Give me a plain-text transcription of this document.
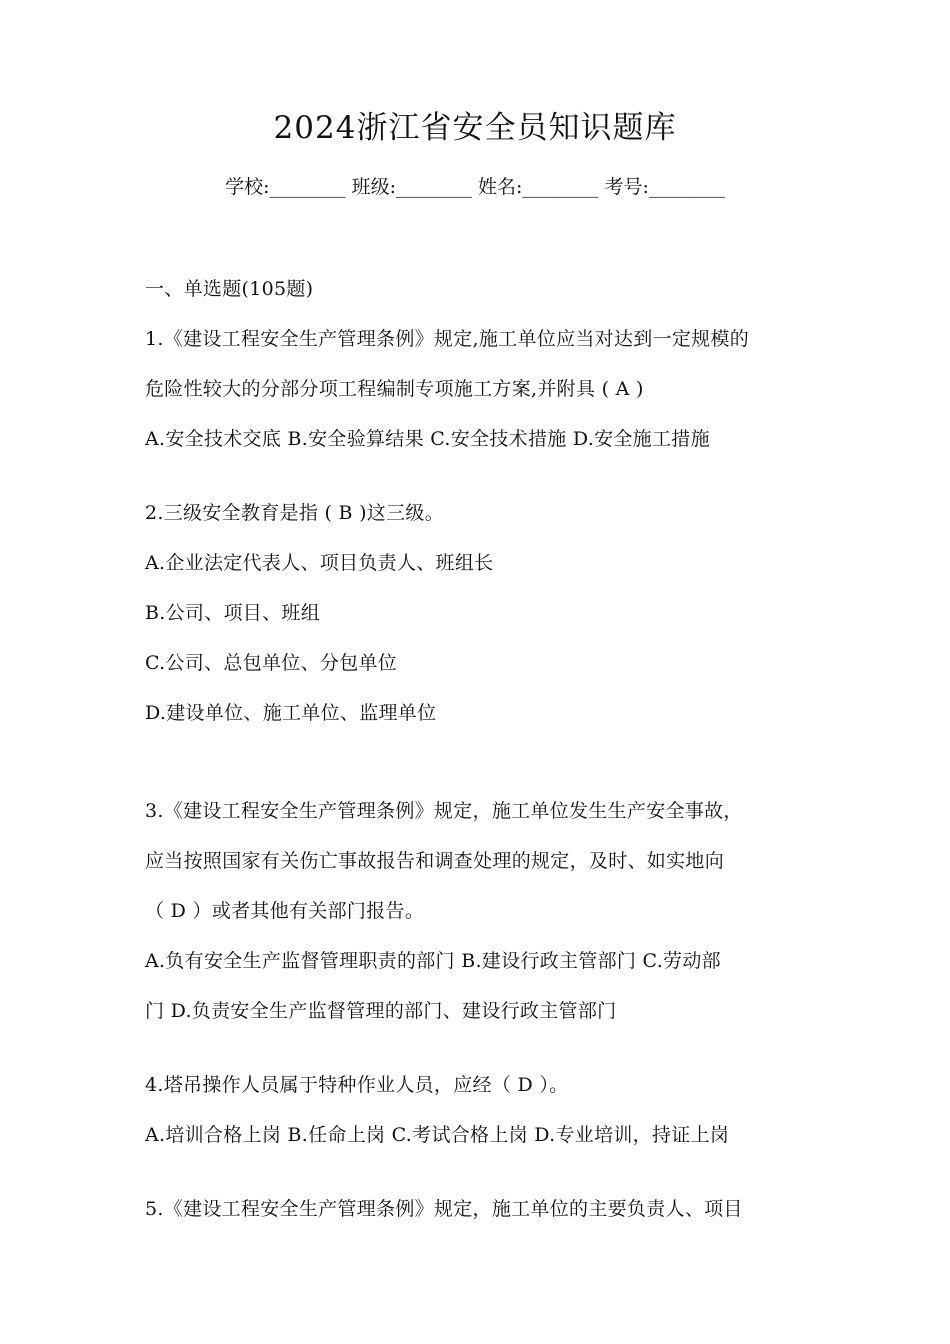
2024浙江省安全员知识题库
学校:________ 班级:________ 姓名:________ 考号:________
一、单选题(105题)
1.《建设工程安全生产管理条例》规定,施工单位应当对达到一定规模的
危险性较大的分部分项工程编制专项施工方案,并附具 ( A )
A.安全技术交底 B.安全验算结果 C.安全技术措施 D.安全施工措施
2.三级安全教育是指 ( B )这三级。
A.企业法定代表人、项目负责人、班组长
B.公司、项目、班组
C.公司、总包单位、分包单位
D.建设单位、施工单位、监理单位
3.《建设工程安全生产管理条例》规定，施工单位发生生产安全事故，
应当按照国家有关伤亡事故报告和调查处理的规定，及时、如实地向
（ D ）或者其他有关部门报告。
A.负有安全生产监督管理职责的部门 B.建设行政主管部门 C.劳动部
门 D.负责安全生产监督管理的部门、建设行政主管部门
4.塔吊操作人员属于特种作业人员，应经（ D ）。
A.培训合格上岗 B.任命上岗 C.考试合格上岗 D.专业培训，持证上岗
5.《建设工程安全生产管理条例》规定，施工单位的主要负责人、项目
